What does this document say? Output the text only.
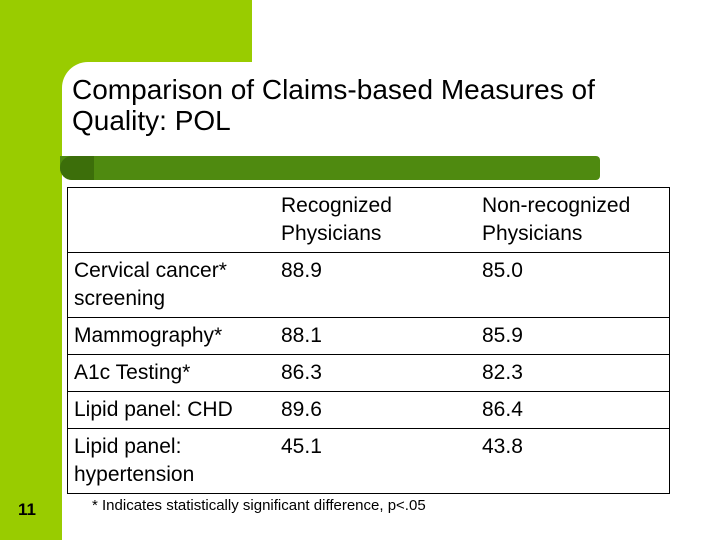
Comparison of Claims-based Measures of Quality: POL
	Recognized Physicians	Non-recognized Physicians
Cervical cancer* screening	88.9	85.0
Mammography*	88.1	85.9
A1c Testing*	86.3	82.3
Lipid panel: CHD	89.6	86.4
Lipid panel: hypertension	45.1	43.8
11	* Indicates statistically significant difference, p<.05
